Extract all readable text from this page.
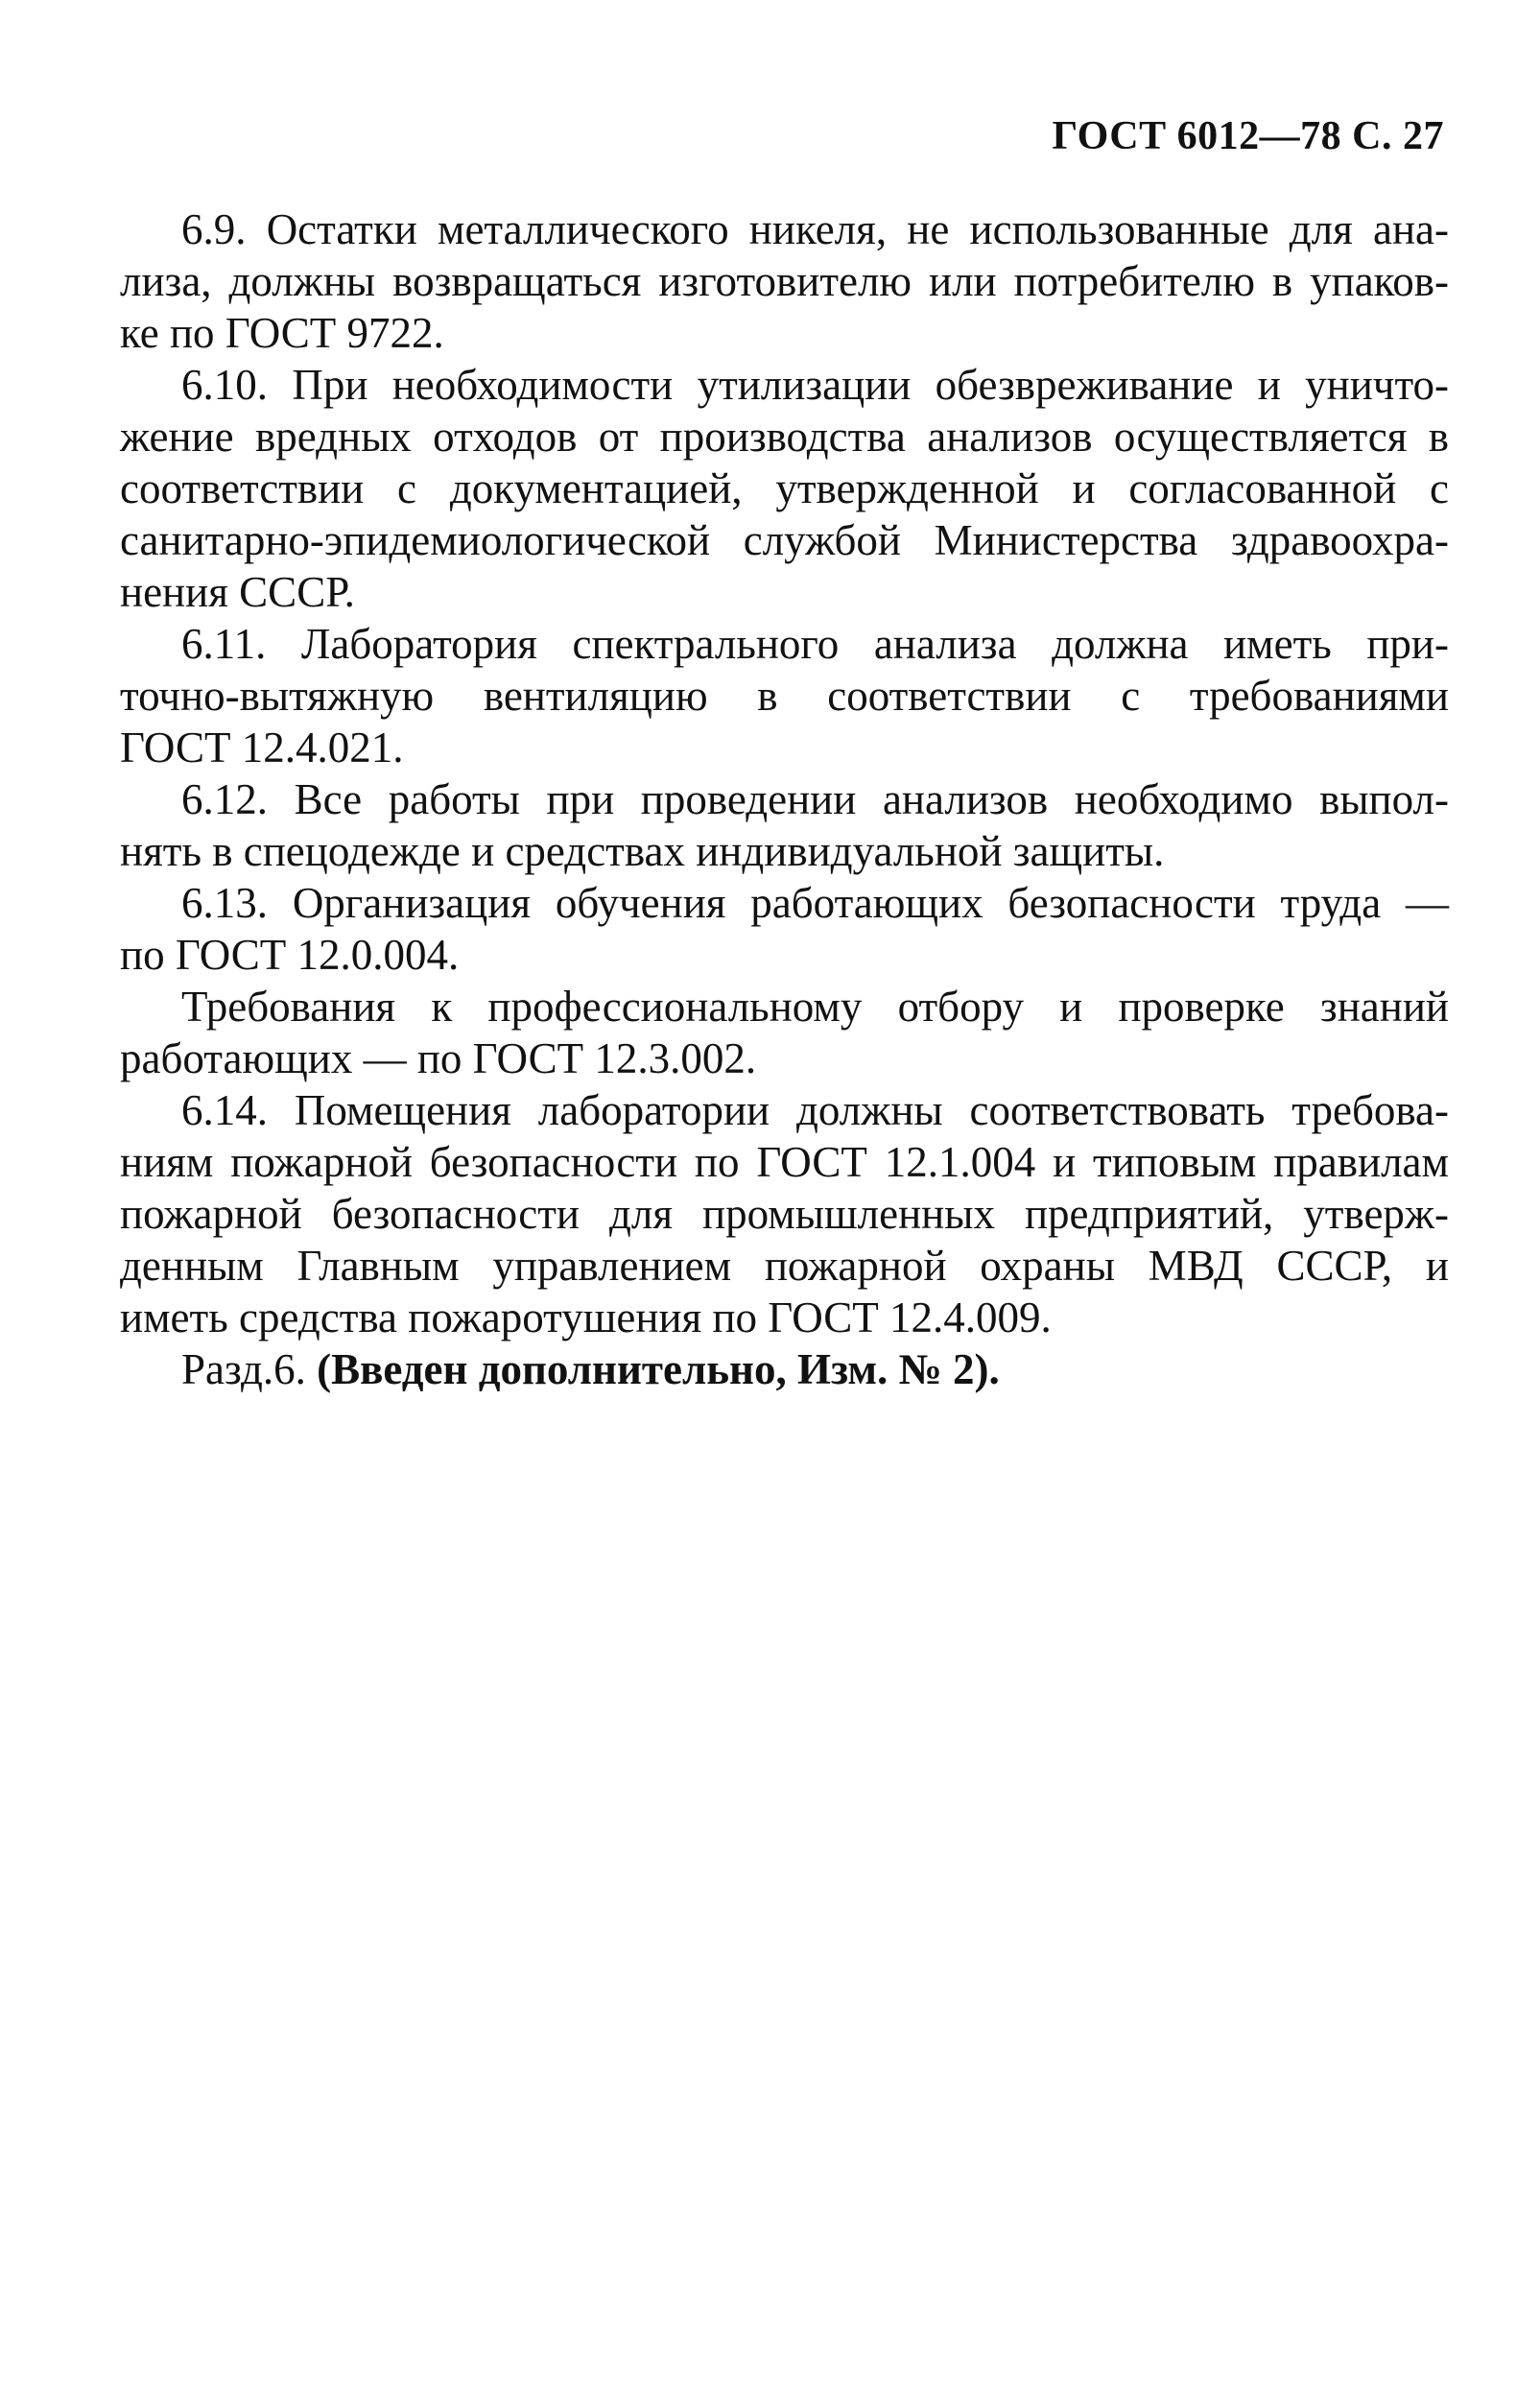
ГОСТ 6012—78 С. 27
6.9. Остатки металлического никеля, не использованные для ана-
лиза, должны возвращаться изготовителю или потребителю в упаков-
ке по ГОСТ 9722.
6.10. При необходимости утилизации обезвреживание и уничто-
жение вредных отходов от производства анализов осуществляется в
соответствии с документацией, утвержденной и согласованной с
санитарно-эпидемиологической службой Министерства здравоохра-
нения СССР.
6.11. Лаборатория спектрального анализа должна иметь при-
точно-вытяжную вентиляцию в соответствии с требованиями
ГОСТ 12.4.021.
6.12. Все работы при проведении анализов необходимо выпол-
нять в спецодежде и средствах индивидуальной защиты.
6.13. Организация обучения работающих безопасности труда —
по ГОСТ 12.0.004.
Требования к профессиональному отбору и проверке знаний
работающих — по ГОСТ 12.3.002.
6.14. Помещения лаборатории должны соответствовать требова-
ниям пожарной безопасности по ГОСТ 12.1.004 и типовым правилам
пожарной безопасности для промышленных предприятий, утверж-
денным Главным управлением пожарной охраны МВД СССР, и
иметь средства пожаротушения по ГОСТ 12.4.009.
Разд.6. (Введен дополнительно, Изм. № 2).
